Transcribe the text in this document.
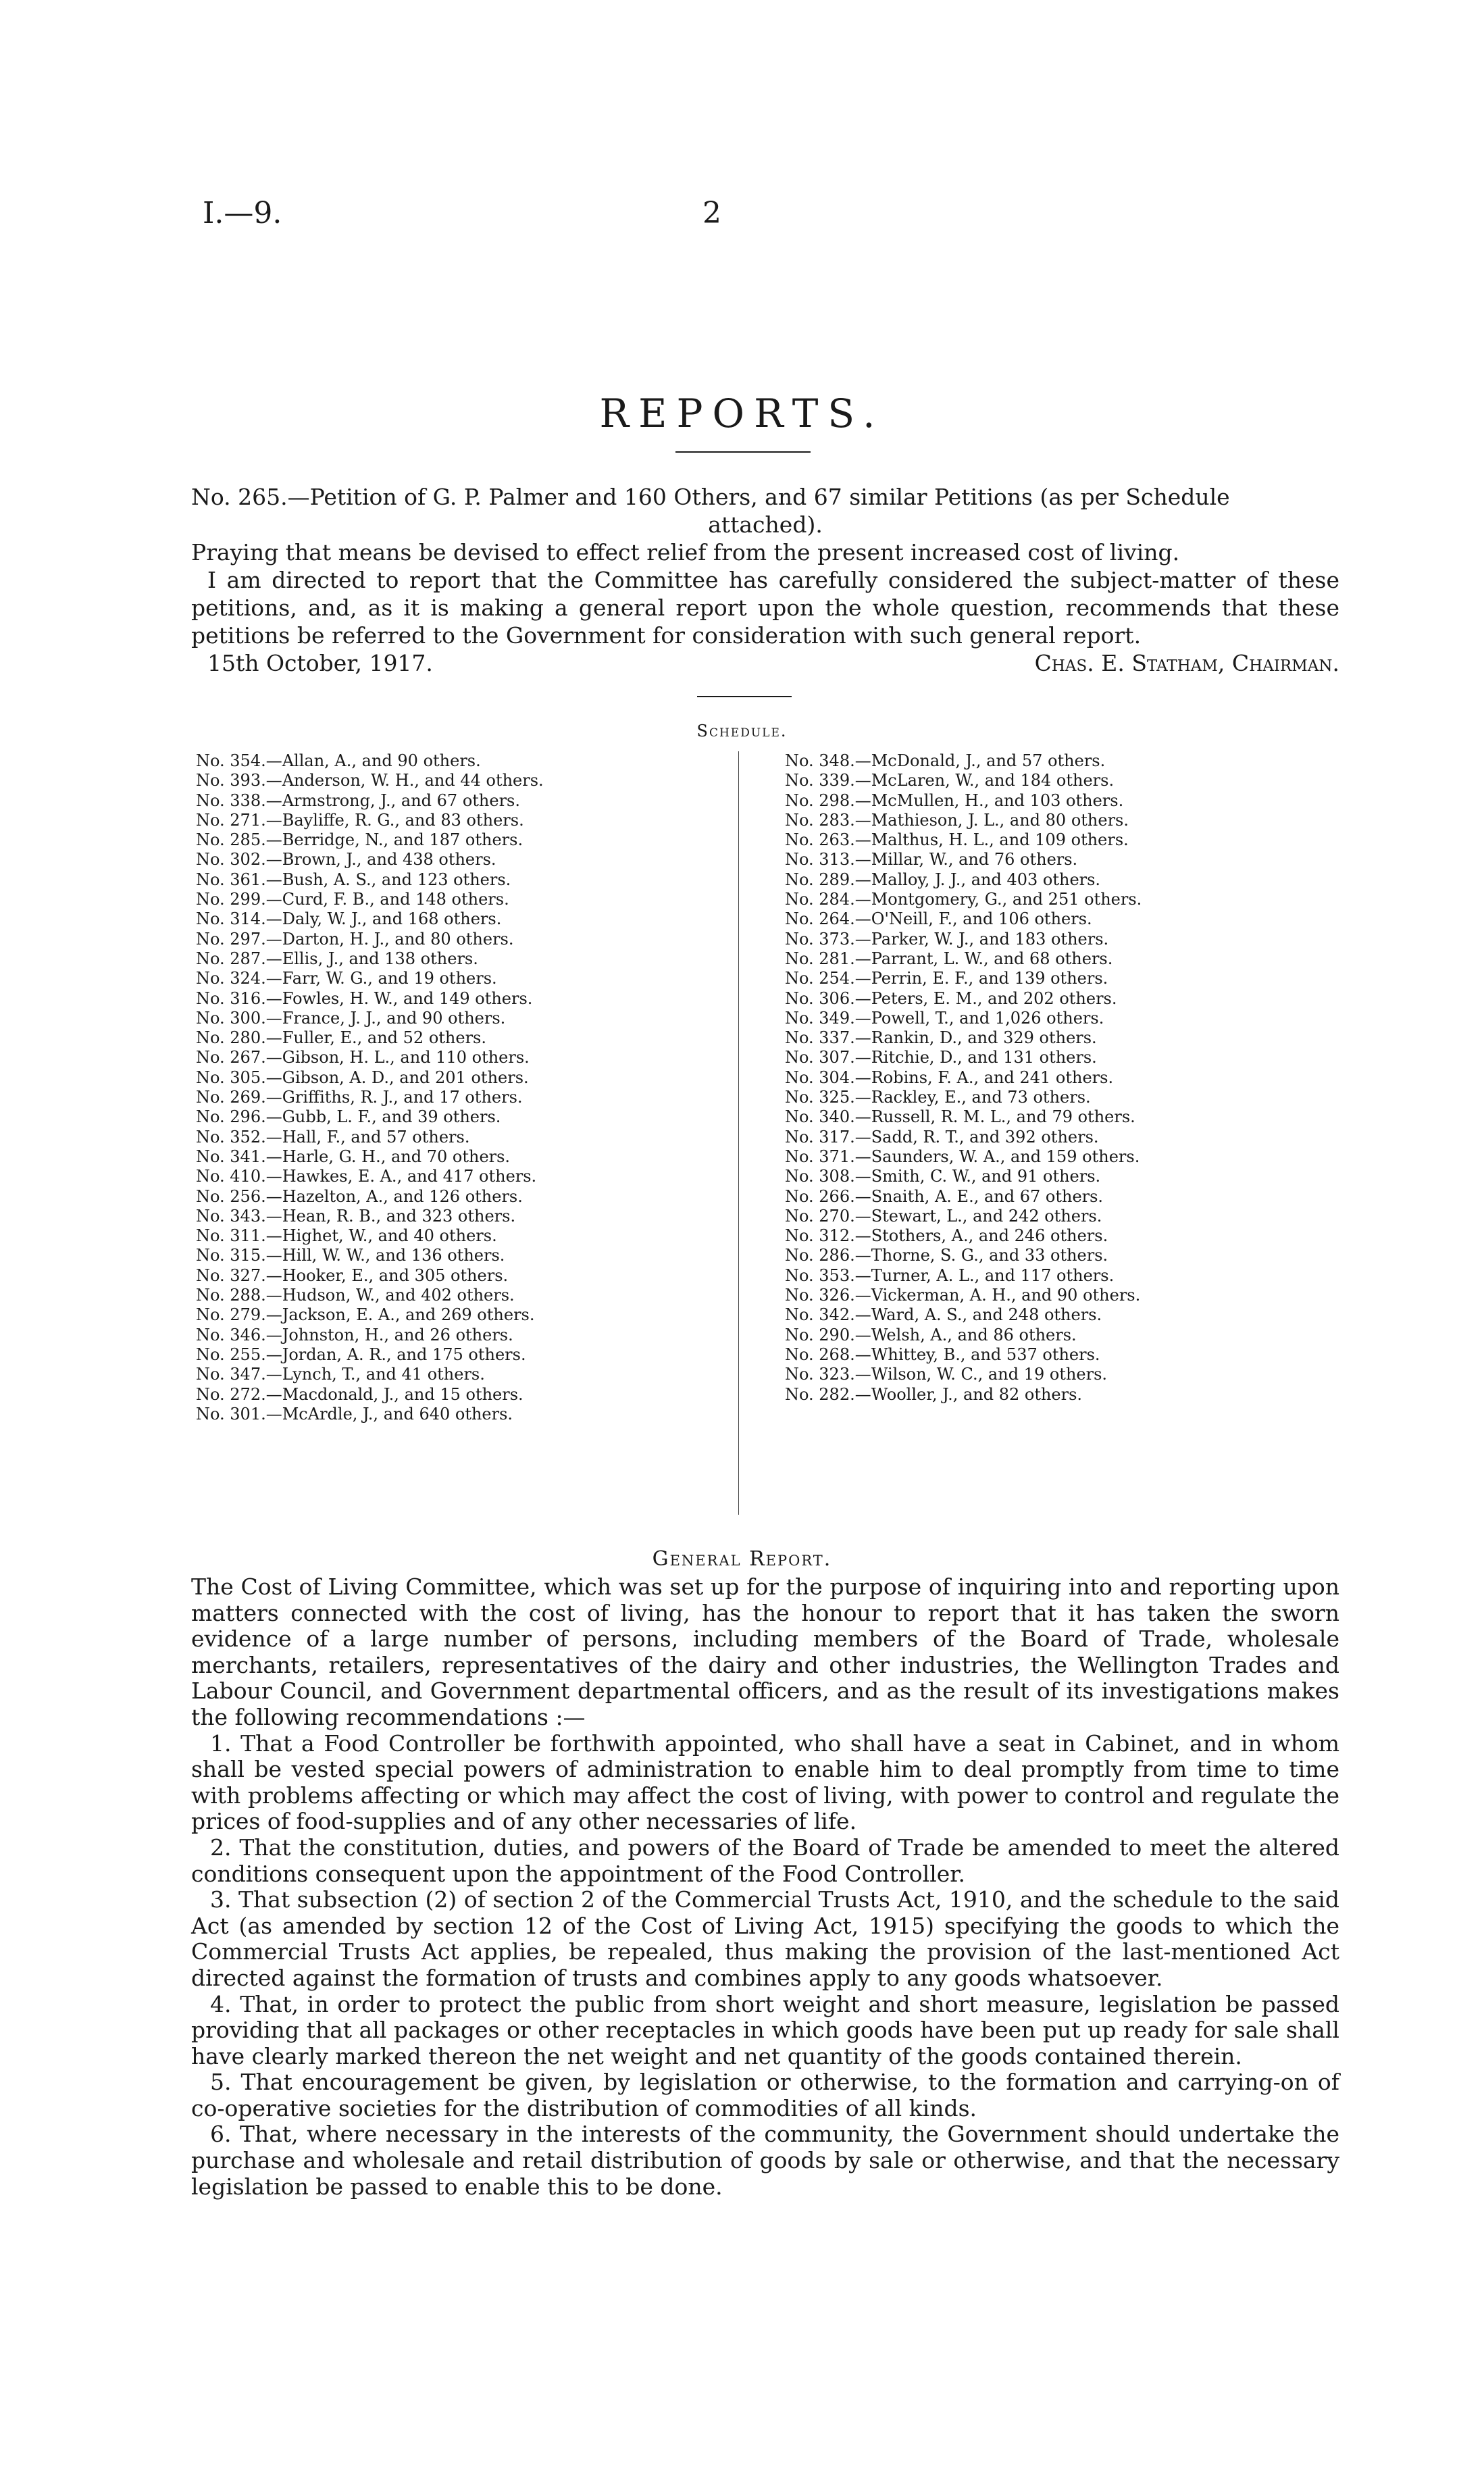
I.—9.	2
REPORTS.

No. 265.—Petition of G. P. Palmer and 160 Others, and 67 similar Petitions (as per Schedule

attached).

Praying that means be devised to effect relief from the present increased cost of living.

I am directed to report that the Committee has carefully considered the subject-matter of these petitions, and, as it is making a general report upon the whole question, recommends that these petitions be referred to the Government for consideration with such general report.

15th October, 1917.	Chas. E. Statham, Chairman.
Schedule.
No. 354.—Allan, A., and 90 others.
No. 393.—Anderson, W. H., and 44 others.
No. 338.—Armstrong, J., and 67 others.
No. 271.—Bayliffe, R. G., and 83 others.
No. 285.—Berridge, N., and 187 others.
No. 302.—Brown, J., and 438 others.
No. 361.—Bush, A. S., and 123 others.
No. 299.—Curd, F. B., and 148 others.
No. 314.—Daly, W. J., and 168 others.
No. 297.—Darton, H. J., and 80 others.
No. 287.—Ellis, J., and 138 others.
No. 324.—Farr, W. G., and 19 others.
No. 316.—Fowles, H. W., and 149 others.
No. 300.—France, J. J., and 90 others.
No. 280.—Fuller, E., and 52 others.
No. 267.—Gibson, H. L., and 110 others.
No. 305.—Gibson, A. D., and 201 others.
No. 269.—Griffiths, R. J., and 17 others.
No. 296.—Gubb, L. F., and 39 others.
No. 352.—Hall, F., and 57 others.
No. 341.—Harle, G. H., and 70 others.
No. 410.—Hawkes, E. A., and 417 others.
No. 256.—Hazelton, A., and 126 others.
No. 343.—Hean, R. B., and 323 others.
No. 311.—Highet, W., and 40 others.
No. 315.—Hill, W. W., and 136 others.
No. 327.—Hooker, E., and 305 others.
No. 288.—Hudson, W., and 402 others.
No. 279.—Jackson, E. A., and 269 others.
No. 346.—Johnston, H., and 26 others.
No. 255.—Jordan, A. R., and 175 others.
No. 347.—Lynch, T., and 41 others.
No. 272.—Macdonald, J., and 15 others.
No. 301.—McArdle, J., and 640 others.
No. 348.—McDonald, J., and 57 others.
No. 339.—McLaren, W., and 184 others.
No. 298.—McMullen, H., and 103 others.
No. 283.—Mathieson, J. L., and 80 others.
No. 263.—Malthus, H. L., and 109 others.
No. 313.—Millar, W., and 76 others.
No. 289.—Malloy, J. J., and 403 others.
No. 284.—Montgomery, G., and 251 others.
No. 264.—O'Neill, F., and 106 others.
No. 373.—Parker, W. J., and 183 others.
No. 281.—Parrant, L. W., and 68 others.
No. 254.—Perrin, E. F., and 139 others.
No. 306.—Peters, E. M., and 202 others.
No. 349.—Powell, T., and 1,026 others.
No. 337.—Rankin, D., and 329 others.
No. 307.—Ritchie, D., and 131 others.
No. 304.—Robins, F. A., and 241 others.
No. 325.—Rackley, E., and 73 others.
No. 340.—Russell, R. M. L., and 79 others.
No. 317.—Sadd, R. T., and 392 others.
No. 371.—Saunders, W. A., and 159 others.
No. 308.—Smith, C. W., and 91 others.
No. 266.—Snaith, A. E., and 67 others.
No. 270.—Stewart, L., and 242 others.
No. 312.—Stothers, A., and 246 others.
No. 286.—Thorne, S. G., and 33 others.
No. 353.—Turner, A. L., and 117 others.
No. 326.—Vickerman, A. H., and 90 others.
No. 342.—Ward, A. S., and 248 others.
No. 290.—Welsh, A., and 86 others.
No. 268.—Whittey, B., and 537 others.
No. 323.—Wilson, W. C., and 19 others.
No. 282.—Wooller, J., and 82 others.
General Report.

The Cost of Living Committee, which was set up for the purpose of inquiring into and reporting upon matters connected with the cost of living, has the honour to report that it has taken the sworn evidence of a large number of persons, including members of the Board of Trade, wholesale merchants, retailers, representatives of the dairy and other industries, the Wellington Trades and Labour Council, and Government departmental officers, and as the result of its investigations makes the following recommendations :—

1. That a Food Controller be forthwith appointed, who shall have a seat in Cabinet, and in whom shall be vested special powers of administration to enable him to deal promptly from time to time with problems affecting or which may affect the cost of living, with power to control and regulate the prices of food-supplies and of any other necessaries of life.

2. That the constitution, duties, and powers of the Board of Trade be amended to meet the altered conditions consequent upon the appointment of the Food Controller.

3. That subsection (2) of section 2 of the Commercial Trusts Act, 1910, and the schedule to the said Act (as amended by section 12 of the Cost of Living Act, 1915) specifying the goods to which the Commercial Trusts Act applies, be repealed, thus making the provision of the last-mentioned Act directed against the formation of trusts and combines apply to any goods whatsoever.

4. That, in order to protect the public from short weight and short measure, legislation be passed providing that all packages or other receptacles in which goods have been put up ready for sale shall have clearly marked thereon the net weight and net quantity of the goods contained therein.

5. That encouragement be given, by legislation or otherwise, to the formation and carrying-on of co-operative societies for the distribution of commodities of all kinds.

6. That, where necessary in the interests of the community, the Government should undertake the purchase and wholesale and retail distribution of goods by sale or otherwise, and that the necessary legislation be passed to enable this to be done.
